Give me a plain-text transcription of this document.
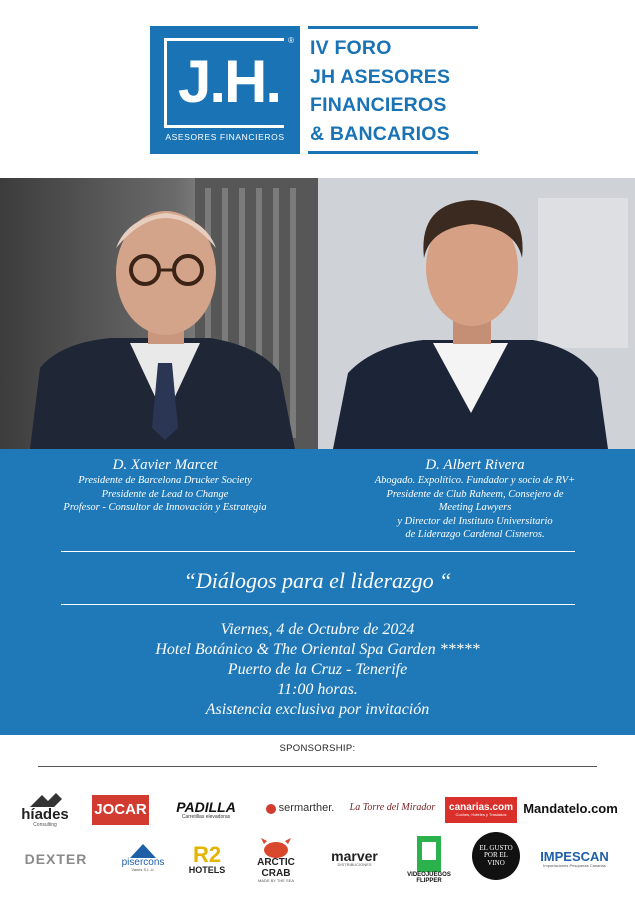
J.H.
®
ASESORES FINANCIEROS
IV FORO
JH ASESORES
FINANCIEROS
& BANCARIOS
D. Xavier Marcet
Presidente de Barcelona Drucker Society
Presidente de Lead to Change
Profesor - Consultor de Innovación y Estrategia
D. Albert Rivera
Abogado. Expolítico. Fundador y socio de RV+
Presidente de Club Raheem, Consejero de
Meeting Lawyers
y Director del Instituto Universitario
de Liderazgo Cardenal Cisneros.
“Diálogos para el liderazgo “
Viernes, 4 de Octubre de 2024
Hotel Botánico & The Oriental Spa Garden *****
Puerto de la Cruz - Tenerife
11:00 horas.
Asistencia exclusiva por invitación
SPONSORSHIP:
híades
Consulting
JOCAR PADILLA
Carretillas elevadoras
sermarther. La Torre del Mirador canarias.com
Coches, Hoteles y Traslados Mandatelo.com
DEXTER	pisercons
Vanes S.L.U.
R2
HOTELS
ARCTIC CRAB
MADE BY THE SEA
marver
DISTRIBUCIONES
VIDEOJUEGOS FLIPPER
EL GUSTO POR EL VINO	IMPESCAN
Importaciones Pesqueras Canarias
